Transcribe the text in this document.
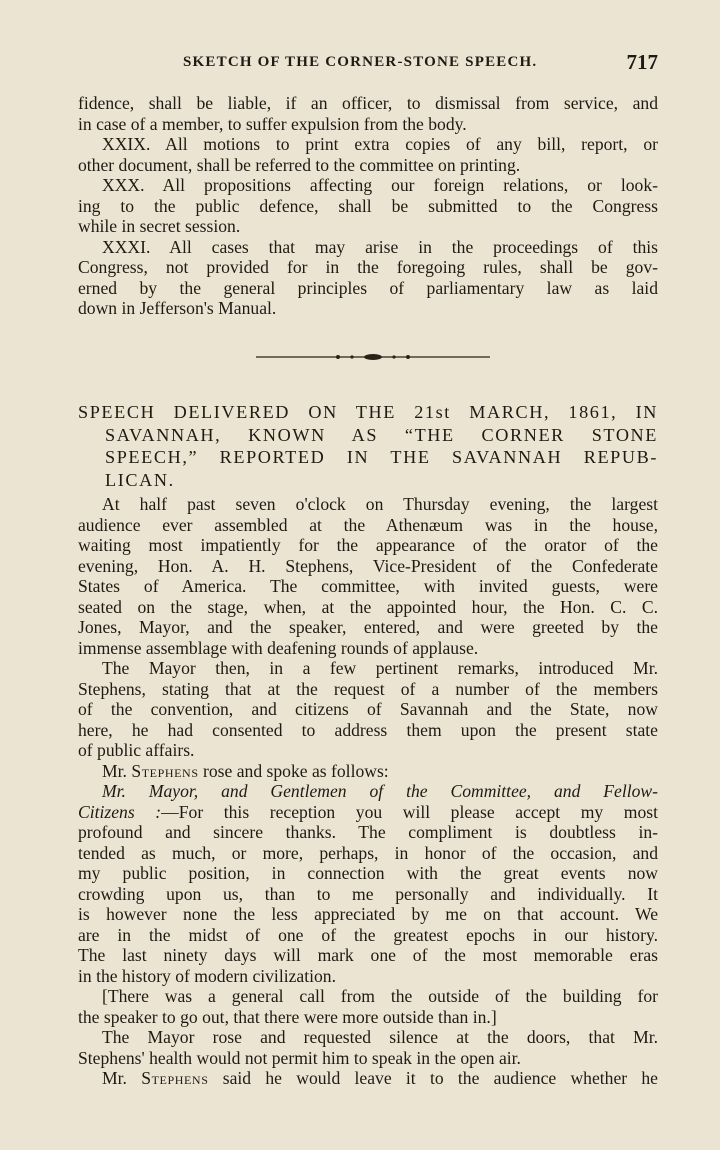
SKETCH OF THE CORNER-STONE SPEECH.	717
fidence, shall be liable, if an officer, to dismissal from service, and
in case of a member, to suffer expulsion from the body.
XXIX. All motions to print extra copies of any bill, report, or
other document, shall be referred to the committee on printing.
XXX. All propositions affecting our foreign relations, or look-
ing to the public defence, shall be submitted to the Congress
while in secret session.
XXXI. All cases that may arise in the proceedings of this
Congress, not provided for in the foregoing rules, shall be gov-
erned by the general principles of parliamentary law as laid
down in Jefferson's Manual.
SPEECH DELIVERED ON THE 21st MARCH, 1861, IN
SAVANNAH, KNOWN AS “THE CORNER STONE
SPEECH,” REPORTED IN THE SAVANNAH REPUB-
LICAN.
At half past seven o'clock on Thursday evening, the largest
audience ever assembled at the Athenæum was in the house,
waiting most impatiently for the appearance of the orator of the
evening, Hon. A. H. Stephens, Vice-President of the Confederate
States of America. The committee, with invited guests, were
seated on the stage, when, at the appointed hour, the Hon. C. C.
Jones, Mayor, and the speaker, entered, and were greeted by the
immense assemblage with deafening rounds of applause.
The Mayor then, in a few pertinent remarks, introduced Mr.
Stephens, stating that at the request of a number of the members
of the convention, and citizens of Savannah and the State, now
here, he had consented to address them upon the present state
of public affairs.
Mr. Stephens rose and spoke as follows:
Mr. Mayor, and Gentlemen of the Committee, and Fellow-
Citizens :—For this reception you will please accept my most
profound and sincere thanks. The compliment is doubtless in-
tended as much, or more, perhaps, in honor of the occasion, and
my public position, in connection with the great events now
crowding upon us, than to me personally and individually. It
is however none the less appreciated by me on that account. We
are in the midst of one of the greatest epochs in our history.
The last ninety days will mark one of the most memorable eras
in the history of modern civilization.
[There was a general call from the outside of the building for
the speaker to go out, that there were more outside than in.]
The Mayor rose and requested silence at the doors, that Mr.
Stephens' health would not permit him to speak in the open air.
Mr. Stephens said he would leave it to the audience whether he
